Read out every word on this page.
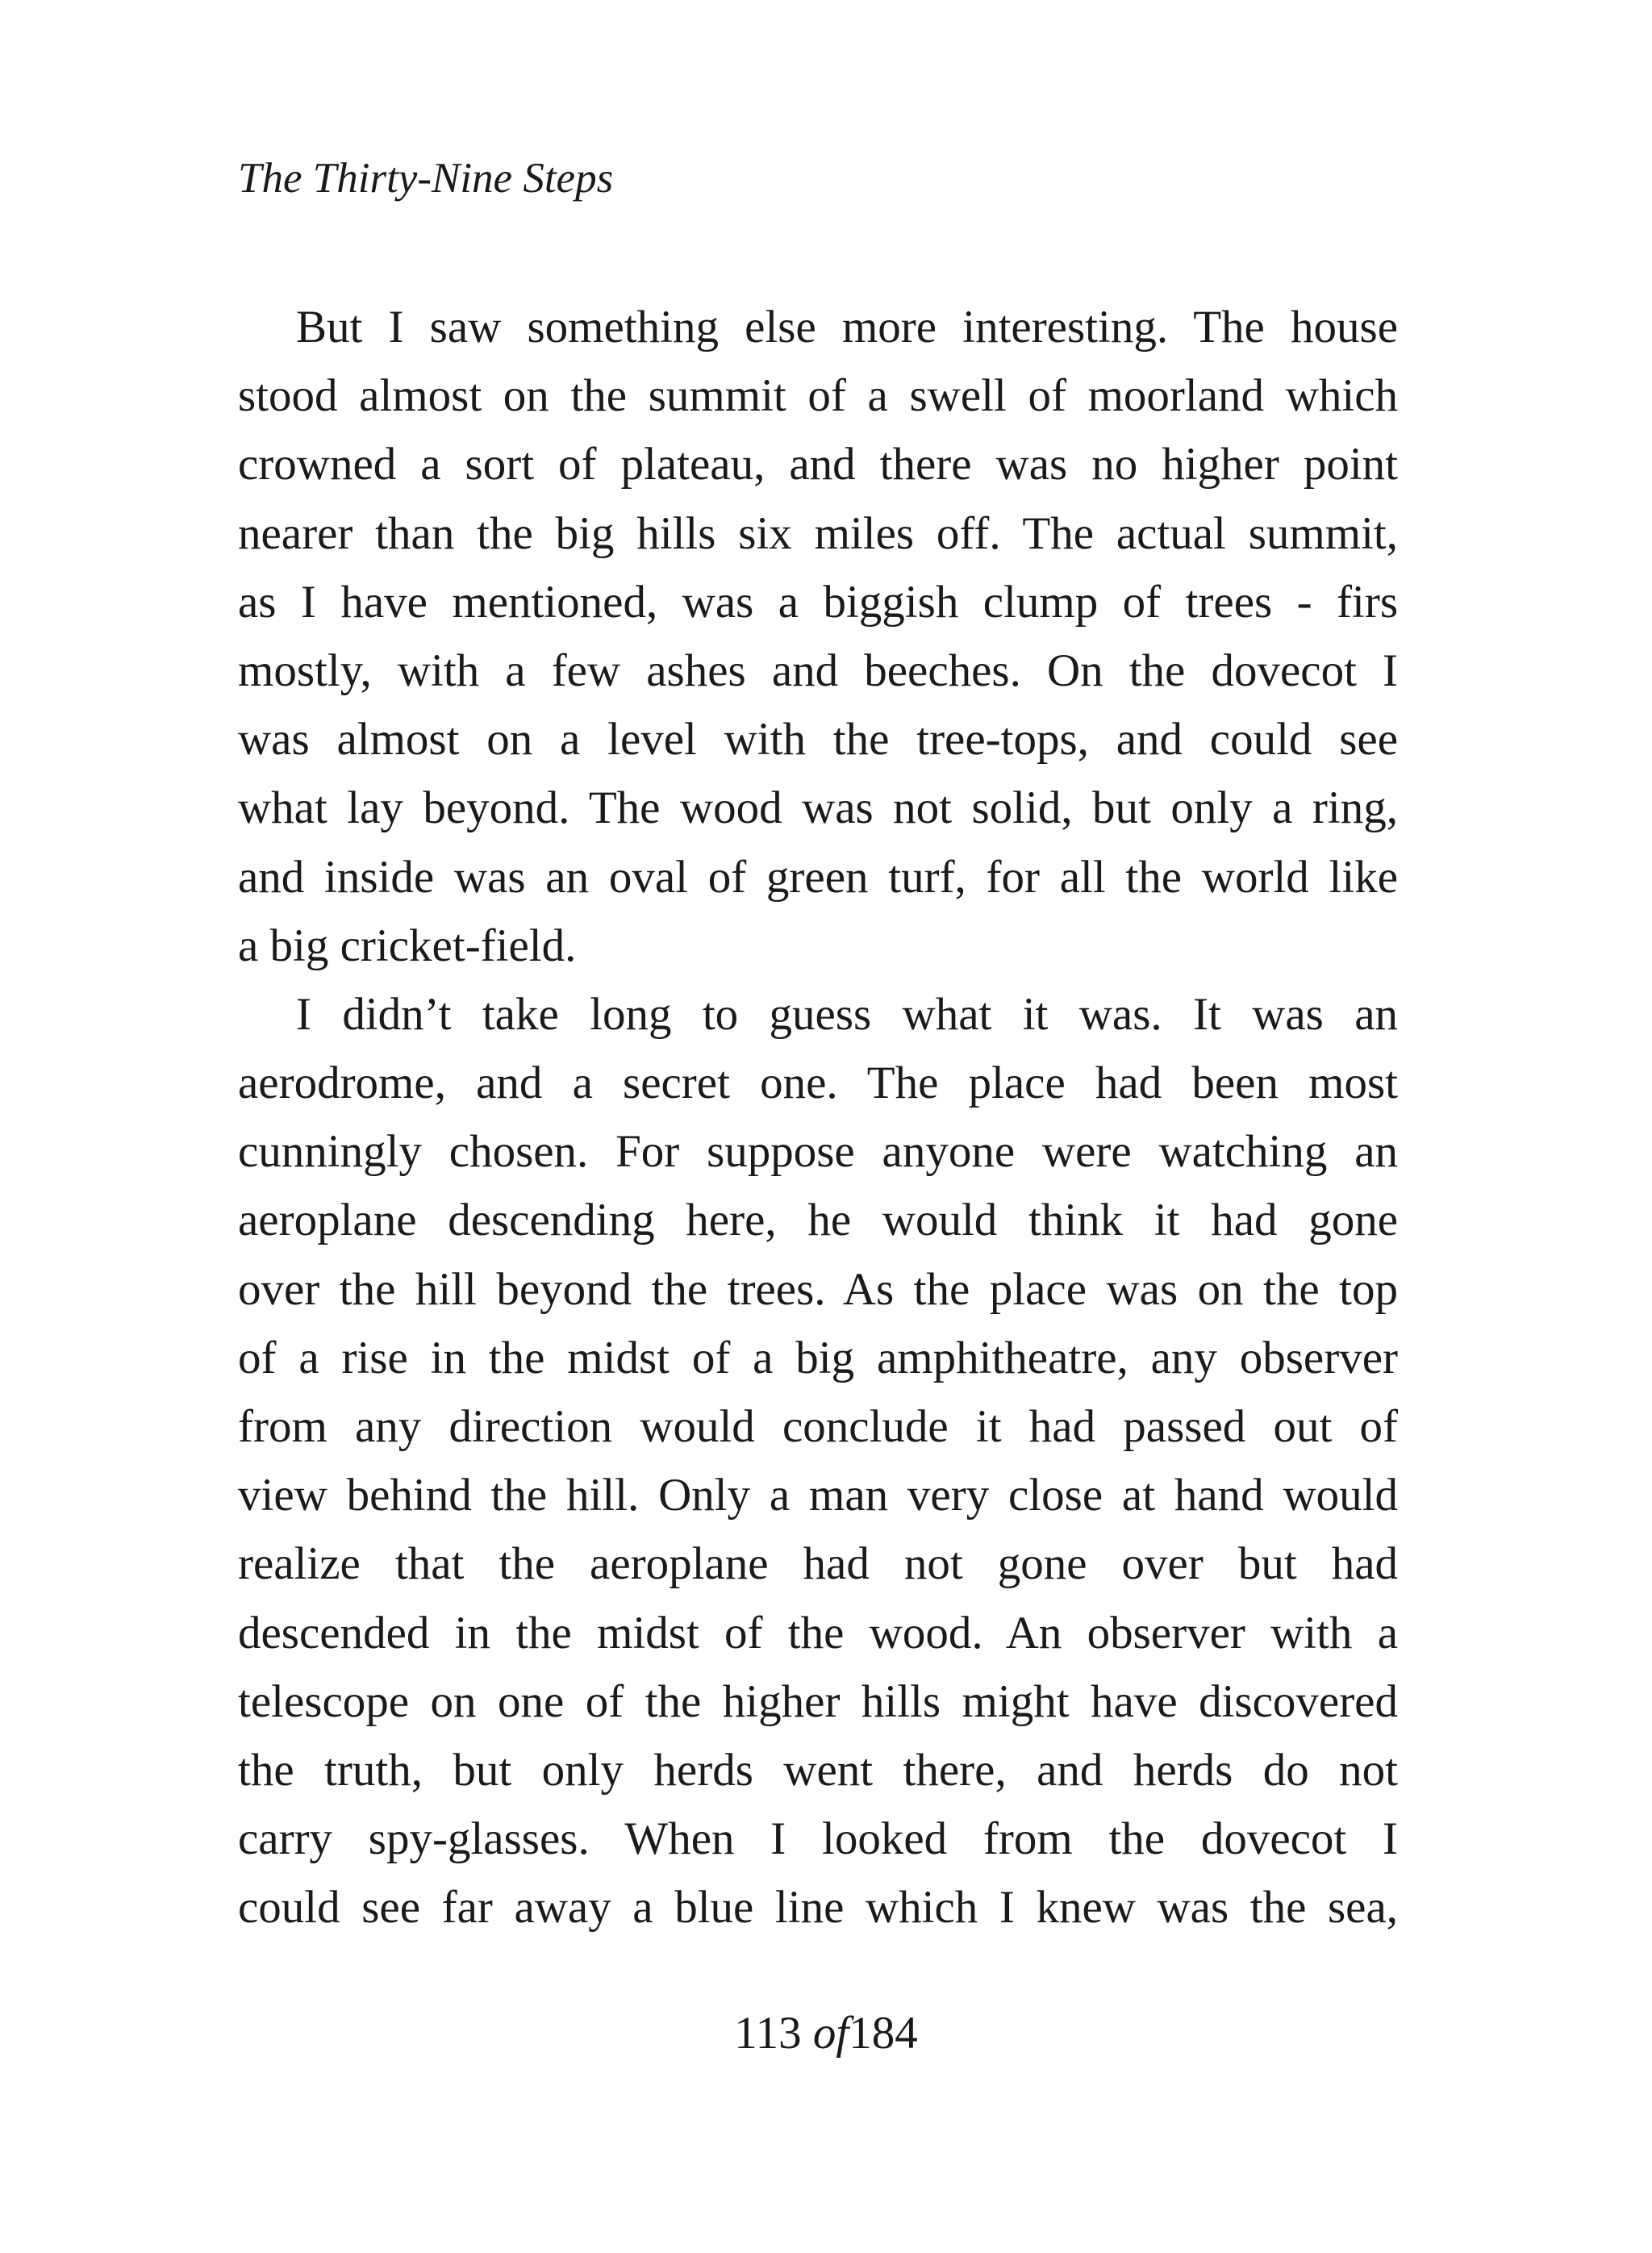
The Thirty-Nine Steps
But I saw something else more interesting. The house
stood almost on the summit of a swell of moorland which
crowned a sort of plateau, and there was no higher point
nearer than the big hills six miles off. The actual summit,
as I have mentioned, was a biggish clump of trees - firs
mostly, with a few ashes and beeches. On the dovecot I
was almost on a level with the tree-tops, and could see
what lay beyond. The wood was not solid, but only a ring,
and inside was an oval of green turf, for all the world like
a big cricket-field.
I didn’t take long to guess what it was. It was an
aerodrome, and a secret one. The place had been most
cunningly chosen. For suppose anyone were watching an
aeroplane descending here, he would think it had gone
over the hill beyond the trees. As the place was on the top
of a rise in the midst of a big amphitheatre, any observer
from any direction would conclude it had passed out of
view behind the hill. Only a man very close at hand would
realize that the aeroplane had not gone over but had
descended in the midst of the wood. An observer with a
telescope on one of the higher hills might have discovered
the truth, but only herds went there, and herds do not
carry spy-glasses. When I looked from the dovecot I
could see far away a blue line which I knew was the sea,
113 of184
